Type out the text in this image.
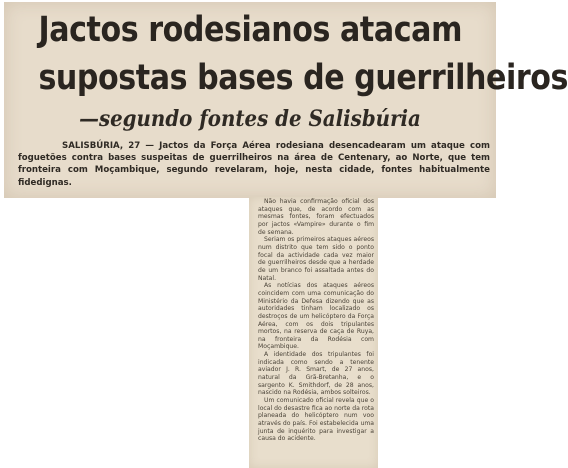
Jactos rodesianos atacam
supostas bases de guerrilheiros
—segundo fontes de Salisbúria

SALISBÚRIA, 27 — Jactos da Força Aérea rodesiana desencadearam um ataque com foguetões contra bases suspeitas de guerrilheiros na área de Centenary, ao Norte, que tem fronteira com Moçambique, segundo revelaram, hoje, nesta cidade, fontes habitualmente fidedignas.

Não havia confirmação oficial dos ataques que, de acordo com as mesmas fontes, foram efectuados por jactos «Vampire» durante o fim de semana.

Seriam os primeiros ataques aéreos num distrito que tem sido o ponto focal da actividade cada vez maior de guerrilheiros desde que a herdade de um branco foi assaltada antes do Natal.

As notícias dos ataques aéreos coincidem com uma comunicação do Ministério da Defesa dizendo que as autoridades tinham localizado os destroços de um helicóptero da Força Aérea, com os dois tripulantes mortos, na reserva de caça de Ruya, na fronteira da Rodésia com Moçambique.

A identidade dos tripulantes foi indicada como sendo a tenente aviador J. R. Smart, de 27 anos, natural da Grã-Bretanha, e o sargento K. Smithdorf, de 28 anos, nascido na Rodésia, ambos solteiros.

Um comunicado oficial revela que o local do desastre fica ao norte da rota planeada do helicóptero num voo através do país. Foi estabelecida uma junta de inquérito para investigar a causa do acidente.
